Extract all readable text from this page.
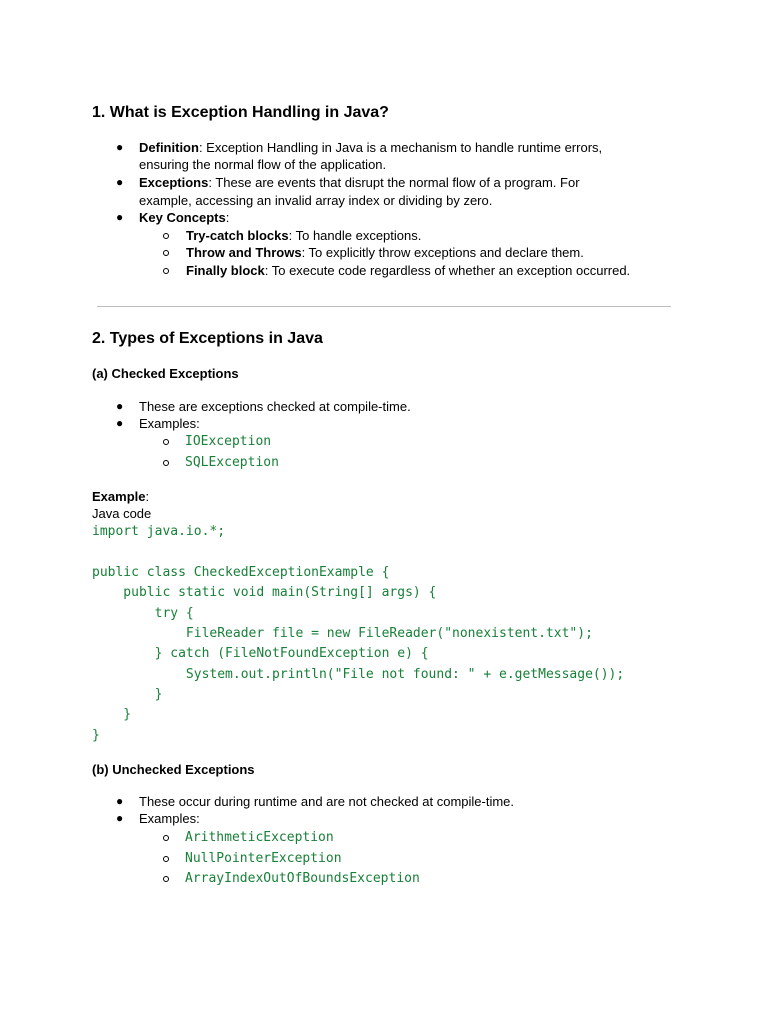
1. What is Exception Handling in Java?
● Definition: Exception Handling in Java is a mechanism to handle runtime errors,
ensuring the normal flow of the application.
● Exceptions: These are events that disrupt the normal flow of a program. For
example, accessing an invalid array index or dividing by zero.
● Key Concepts:
Try-catch blocks: To handle exceptions.
Throw and Throws: To explicitly throw exceptions and declare them.
Finally block: To execute code regardless of whether an exception occurred.
2. Types of Exceptions in Java
(a) Checked Exceptions
● These are exceptions checked at compile-time.
● Examples:
IOException
SQLException
Example:
Java code
import java.io.*;
public class CheckedExceptionExample {
public static void main(String[] args) {
try {
FileReader file = new FileReader("nonexistent.txt");
} catch (FileNotFoundException e) {
System.out.println("File not found: " + e.getMessage());
}
}
}
(b) Unchecked Exceptions
● These occur during runtime and are not checked at compile-time.
● Examples:
ArithmeticException
NullPointerException
ArrayIndexOutOfBoundsException
